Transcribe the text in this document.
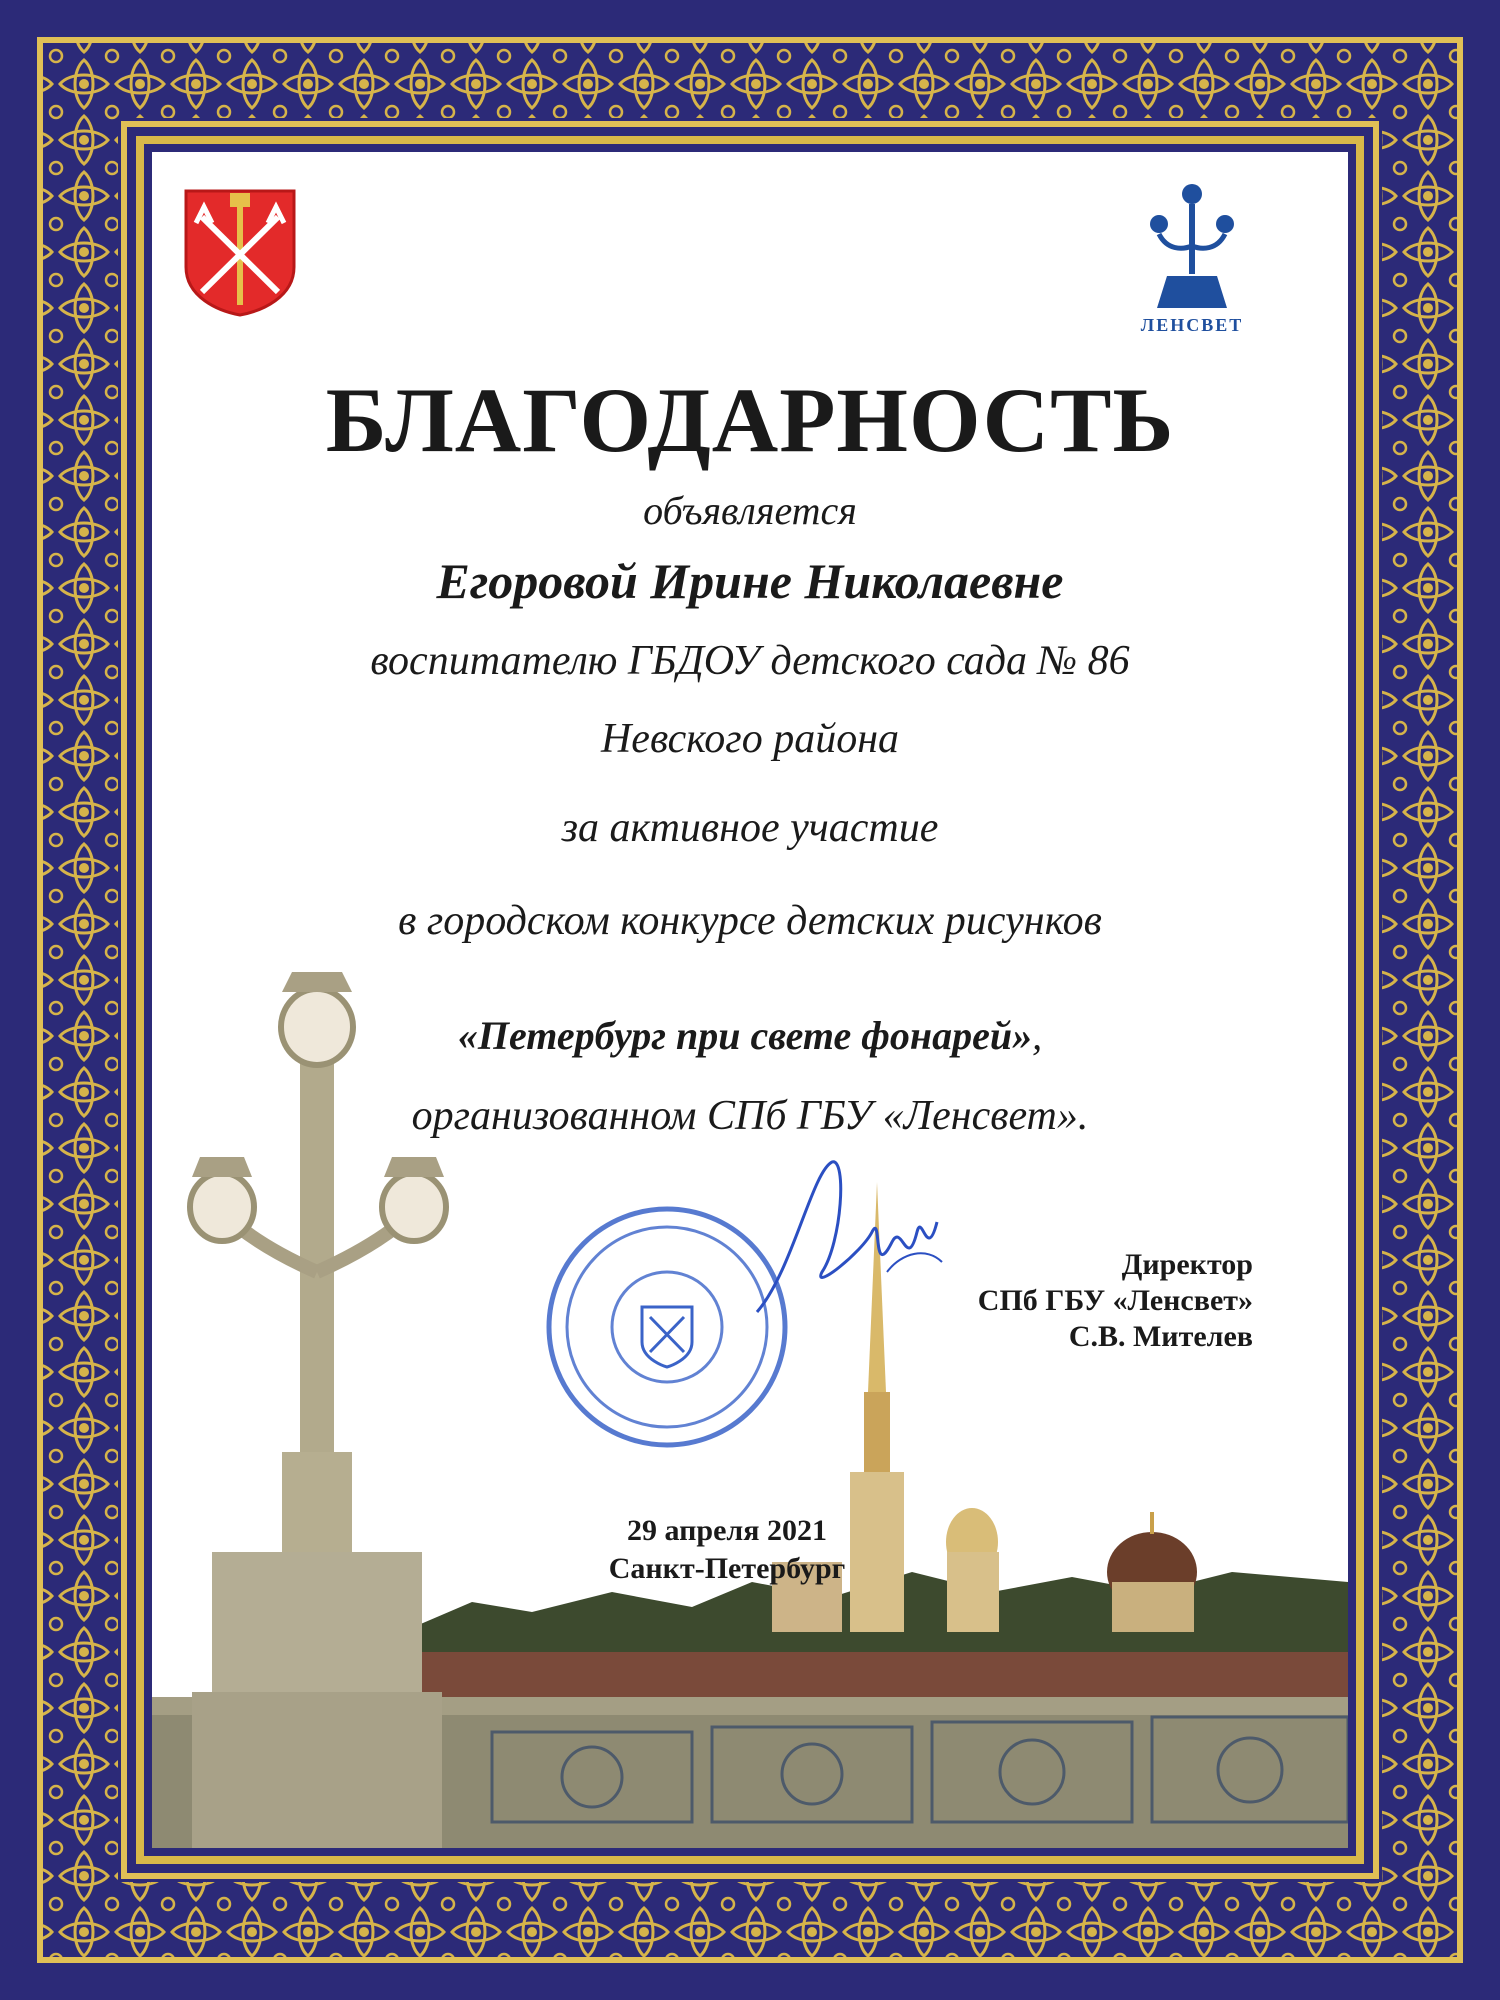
ЛЕНСВЕТ
БЛАГОДАРНОСТЬ
объявляется
Егоровой Ирине Николаевне
воспитателю ГБДОУ детского сада № 86
Невского района
за активное участие
в городском конкурсе детских рисунков
«Петербург при свете фонарей»,
организованном СПб ГБУ «Ленсвет».
Директор
СПб ГБУ «Ленсвет»
С.В. Мителев
29 апреля 2021
Санкт-Петербург
